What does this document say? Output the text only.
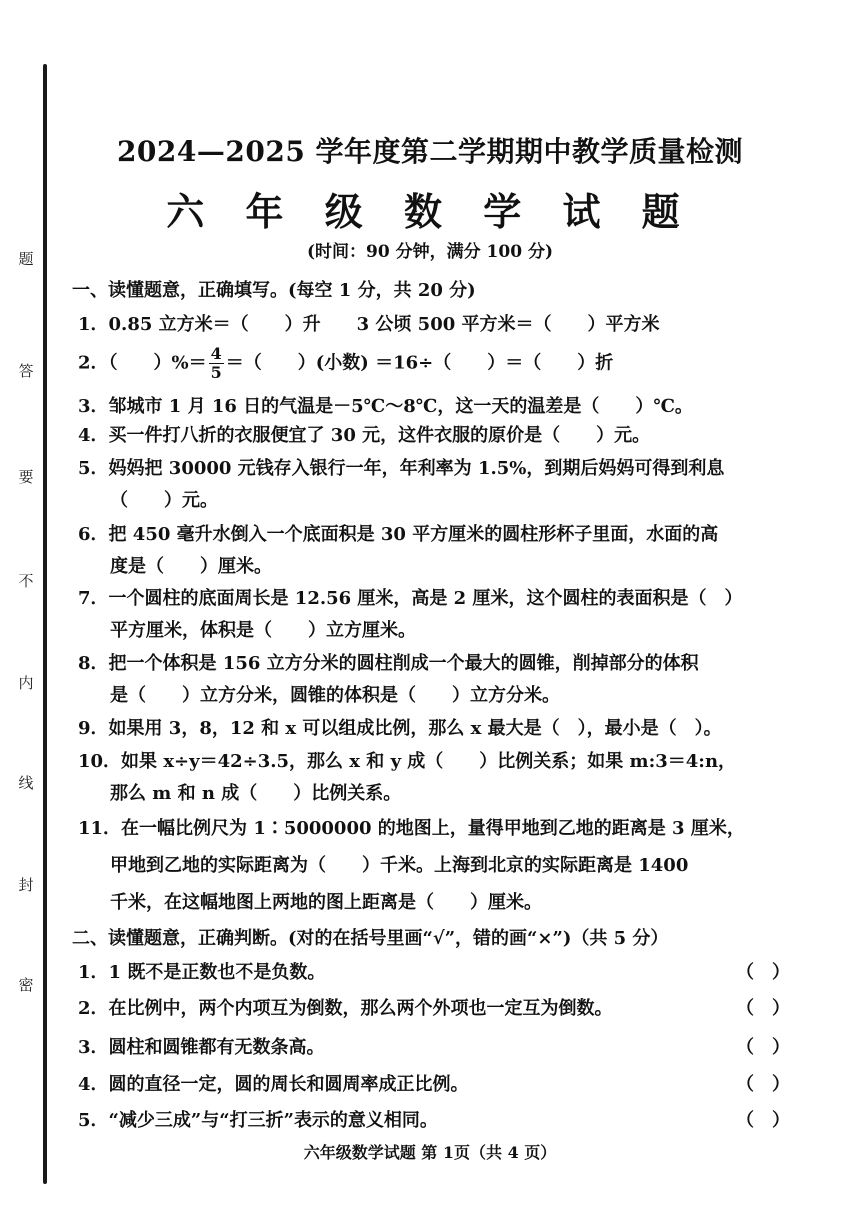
题
答
要
不
内
线
封
密
2024—2025 学年度第二学期期中教学质量检测
六 年 级 数 学 试 题
(时间：90 分钟，满分 100 分)
一、读懂题意，正确填写。(每空 1 分，共 20 分)
1．0.85 立方米＝（　　）升　　3 公顷 500 平方米＝（　　）平方米
2．（　　）%＝ $\frac{4}{5}$ ＝（　　）(小数) ＝16÷（　　）＝（　　）折
3．邹城市 1 月 16 日的气温是－5℃～8℃，这一天的温差是（　　）℃。
4．买一件打八折的衣服便宜了 30 元，这件衣服的原价是（　　）元。
5．妈妈把 30000 元钱存入银行一年，年利率为 1.5%，到期后妈妈可得到利息
（　　）元。
6．把 450 毫升水倒入一个底面积是 30 平方厘米的圆柱形杯子里面，水面的高
度是（　　）厘米。
7．一个圆柱的底面周长是 12.56 厘米，高是 2 厘米，这个圆柱的表面积是（　）
平方厘米，体积是（　　）立方厘米。
8．把一个体积是 156 立方分米的圆柱削成一个最大的圆锥，削掉部分的体积
是（　　）立方分米，圆锥的体积是（　　）立方分米。
9．如果用 3，8，12 和 x 可以组成比例，那么 x 最大是（　），最小是（　）。
10．如果 x÷y＝42÷3.5，那么 x 和 y 成（　　）比例关系；如果 m:3＝4:n，
那么 m 和 n 成（　　）比例关系。
11．在一幅比例尺为 1∶5000000 的地图上，量得甲地到乙地的距离是 3 厘米，
甲地到乙地的实际距离为（　　）千米。上海到北京的实际距离是 1400
千米，在这幅地图上两地的图上距离是（　　）厘米。
二、读懂题意，正确判断。(对的在括号里画“√”，错的画“×”)（共 5 分）
1．1 既不是正数也不是负数。	（　）
2．在比例中，两个内项互为倒数，那么两个外项也一定互为倒数。	（　）
3．圆柱和圆锥都有无数条高。	（　）
4．圆的直径一定，圆的周长和圆周率成正比例。	（　）
5．“减少三成”与“打三折”表示的意义相同。	（　）
六年级数学试题 第 1页（共 4 页）
